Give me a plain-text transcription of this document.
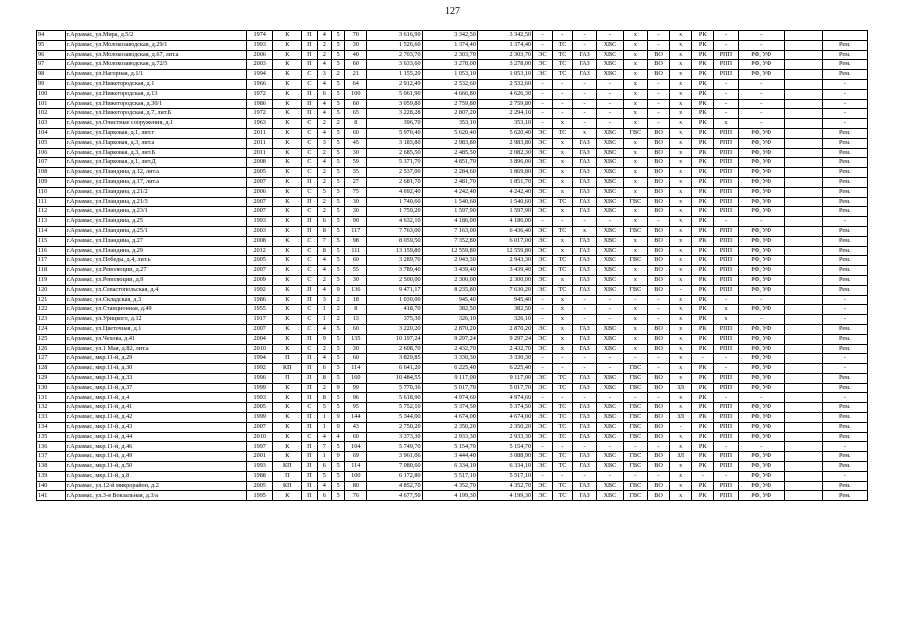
127
94	г.Арзамас, ул.Мира, д.5/2	1974	К	П	4	5	70	3 616,90	3 342,50	3 342,50	-	-	-	-	х	-	х	РК	-	-		
95	г.Арзамас, ул.Молокозаводская, д.29/1	1993	К	П	2	5	30	1 526,60	1 374,40	1 374,40	-	ТС	-	ХВС	х	-	х	РК	-	-		Рем.
96	г.Арзамас, ул.Молокозаводская, д.67, лит.а	2006	К	П	2	5	40	2 703,70	2 303,70	2 303,70	ЭС	ТС	ГАЗ	ХВС	х	ВО	х	РК	РПП	РФ, УФ		Рем.
97	г.Арзамас, ул.Молокозаводская, д.72/5	2003	К	П	4	5	60	3 633,60	3 278,00	3 278,00	ЭС	ТС	ГАЗ	ХВС	х	ВО	х	РК	РПП	РФ, УФ		Рем.
98	г.Арзамас, ул.Нагорная, д.1/1	1994	К	С	3	2	21	1 155,20	1 053,10	1 053,10	ЭС	ТС	ГАЗ	ХВС	х	ВО	х	РК	РПП	РФ, УФ		Рем.
99	г.Арзамас, ул.Нижегородская, д.1	1966	К	С	4	5	64	2 912,49	2 532,60	2 532,60	-	-	-	-	х	-	х	РК	-	-		-
100	г.Арзамас, ул.Нижегородская, д.13	1972	К	П	6	5	100	5 061,90	4 666,80	4 626,30	-	-	-	-	х	-	х	РК	-	-		-
101	г.Арзамас, ул.Нижегородская, д.30/1	1986	К	П	4	5	60	3 059,80	2 759,80	2 759,80	-	-	-	-	х	-	х	РК	-	-		-
102	г.Арзамас, ул.Нижегородская, д.7, лит.Б	1972	К	П	4	5	65	3 228,28	2 807,20	2 294,10	-	-	-	-	х	-	х	РК	-	-		-
103	г.Арзамас, ул.Очистные сооружения, д.1	1963	К	С	2	2	8	396,70	353,10	353,10	-	х	-	-	х	-	х	РК	х	-		-
104	г.Арзамас, ул.Парковая, д.1, лит.г	2011	К	С	4	5	60	5 970,40	5 620,40	5 620,40	ЭС	ТС	х	ХВС	ГВС	ВО	х	РК	РПП	РФ, УФ		Рем.
105	г.Арзамас, ул.Парковая, д.3, лит.а	2011	К	С	3	5	45	3 183,80	2 983,80	2 983,80	ЭС	х	ГАЗ	ХВС	х	ВО	х	РК	РПП	РФ, УФ		Рем.
106	г.Арзамас, ул.Парковая, д.3, лит.Б	2011	К	С	2	5	30	2 685,50	2 485,50	2 082,30	ЭС	х	ГАЗ	ХВС	х	ВО	х	РК	РПП	РФ, УФ		Рем.
107	г.Арзамас, ул.Парковая, д.1, лит.Д	2008	К	С	4	5	59	5 371,70	4 851,70	3 896,00	ЭС	х	ГАЗ	ХВС	х	ВО	х	РК	РПП	РФ, УФ		Рем.
108	г.Арзамас, ул.Пландина, д.12, лит.а	2005	К	С	2	5	35	2 537,00	2 284,60	1 869,80	ЭС	х	ГАЗ	ХВС	х	ВО	х	РК	РПП	РФ, УФ		Рем.
109	г.Арзамас, ул.Пландина, д.17, лит.а	2007	К	П	2	5	27	2 681,70	2 481,70	1 851,70	ЭС	х	ГАЗ	ХВС	х	ВО	х	РК	РПП	РФ, УФ		Рем.
110	г.Арзамас, ул.Пландина, д.21/2	2006	К	С	5	5	75	4 692,40	4 242,40	4 242,40	ЭС	х	ГАЗ	ХВС	х	ВО	х	РК	РПП	РФ, УФ		Рем.
111	г.Арзамас, ул.Пландина, д.21/3	2007	К	П	2	5	30	1 740,60	1 540,60	1 540,60	ЭС	ТС	ГАЗ	ХВС	ГВС	ВО	х	РК	РПП	РФ, УФ		Рем.
112	г.Арзамас, ул.Пландина, д.23/1	2007	К	С	2	5	30	1 759,20	1 597,90	1 597,90	ЭС	х	ГАЗ	ХВС	х	ВО	х	РК	РПП	РФ, УФ		Рем.
113	г.Арзамас, ул.Пландина, д.25	1993	К	П	6	5	90	4 632,10	4 186,00	4 186,00	-	-	-	-	х	-	х	РК	-	-		-
114	г.Арзамас, ул.Пландина, д.25/1	2003	К	П	8	5	117	7 763,00	7 163,00	6 436,40	ЭС	ТС	х	ХВС	ГВС	ВО	х	РК	РПП	РФ, УФ		Рем.
115	г.Арзамас, ул.Пландина, д.27	2008	К	С	7	5	98	8 059,50	7 352,80	6 017,00	ЭС	х	ГАЗ	ХВС	х	ВО	х	РК	РПП	РФ, УФ		Рем.
116	г.Арзамас, ул.Пландина, д.29	2012	К	С	8	5	111	13 159,80	12 559,80	12 559,80	ЭС	х	ГАЗ	ХВС	х	ВО	х	РК	РПП	РФ, УФ		Рем.
117	г.Арзамас, ул.Победы, д.4, лит.ь	2005	К	С	4	5	60	3 289,70	2 943,30	2 943,30	ЭС	ТС	ГАЗ	ХВС	ГВС	ВО	х	РК	РПП	РФ, УФ		Рем.
118	г.Арзамас, ул.Революции, д.27	2007	К	С	4	5	55	3 789,40	3 439,40	3 439,40	ЭС	ТС	ГАЗ	ХВС	х	ВО	х	РК	РПП	РФ, УФ		Рем.
119	г.Арзамас, ул.Революции, д.9	2009	К	С	2	5	30	2 500,00	2 300,00	2 300,00	ЭС	х	ГАЗ	ХВС	х	ВО	х	РК	РПП	РФ, УФ		Рем.
120	г.Арзамас, ул.Севастопольская, д.4	1992	К	П	4	9	136	9 471,17	8 235,80	7 630,20	ЭС	ТС	ГАЗ	ХВС	ГВС	ВО	-	РК	РПП	РФ, УФ		Рем.
121	г.Арзамас, ул.Складская, д.3	1986	К	П	3	2	18	1 030,00	945,40	945,40	-	х	-	-	-	-	х	РК	-	-		-
122	г.Арзамас, ул.Станционная, д.49	1955	К	С	1	2	8	418,70	382,50	382,50	-	х	-	-	х	-	х	РК	х	РФ, УФ		-
123	г.Арзамас, ул.Урицкого, д.12	1917	К	С	1	2	13	375,30	326,10	326,10	-	х	-	-	х	-	х	РК	х	-		-
124	г.Арзамас, ул.Цветочная, д.1	2007	К	С	4	5	60	3 220,20	2 870,20	2 870,20	ЭС	х	ГАЗ	ХВС	х	ВО	х	РК	РПП	РФ, УФ		Рем.
125	г.Арзамас, ул.Чехова, д.41	2004	К	П	9	5	135	10 197,24	9 297,24	9 297,24	ЭС	х	ГАЗ	ХВС	х	ВО	х	РК	РПП	РФ, УФ		Рем.
126	г.Арзамас, ул.1 Мая, д.82, лит.а	2010	К	С	2	5	30	2 608,70	2 432,70	2 432,70	ЭС	х	ГАЗ	ХВС	х	ВО	х	РК	РПП	РФ, УФ		Рем.
127	г.Арзамас, мкр.11-й, д.29	1994	П	П	4	5	60	3 829,85	3 330,30	3 330,30	-	-	-	-	-	-	х	-	-	РФ, УФ		-
128	г.Арзамас, мкр.11-й, д.30	1992	КП	П	6	5	114	6 641,20	6 225,40	6 225,40	-	-	-	-	ГВС	-	х	РК	-	РФ, УФ		-
129	г.Арзамас, мкр.11-й, д.33	1996	П	П	8	5	160	10 484,55	9 117,00	9 117,00	ЭС	ТС	ГАЗ	ХВС	ГВС	ВО	х	РК	РПП	РФ, УФ		Рем.
130	г.Арзамас, мкр.11-й, д.37	1999	К	П	2	9	99	5 770,36	5 017,70	5 017,70	ЭС	ТС	ГАЗ	ХВС	ГВС	ВО	ЗЛ	РК	РПП	РФ, УФ		Рем.
131	г.Арзамас, мкр.11-й, д.4	1993	К	П	8	5	96	5 618,90	4 974,60	4 974,60	-	-	-	-	-	-	х	РК	-	-		-
132	г.Арзамас, мкр.11-й, д.41	2005	К	С	5	5	95	5 752,10	5 374,50	5 374,50	ЭС	ТС	ГАЗ	ХВС	ГВС	ВО	х	РК	РПП	РФ, УФ		Рем.
133	г.Арзамас, мкр.11-й, д.42	1999	К	П	1	9	144	5 344,00	4 674,00	4 674,00	ЭС	ТС	ГАЗ	ХВС	ГВС	ВО	ЗЛ	РК	РПП	РФ, УФ		Рем.
134	г.Арзамас, мкр.11-й, д.43	2007	К	П	1	9	43	2 750,20	2 350,20	2 350,20	ЭС	ТС	ГАЗ	ХВС	ГВС	ВО	-	РК	РПП	РФ, УФ		Рем.
135	г.Арзамас, мкр.11-й, д.44	2010	К	С	4	4	60	3 373,30	2 933,30	2 933,30	ЭС	ТС	ГАЗ	ХВС	ГВС	ВО	х	РК	РПП	РФ, УФ		Рем.
136	г.Арзамас, мкр.11-й, д.46	1997	К	П	7	5	104	5 749,70	5 154,70	5 154,70	-	-	-	-	-	-	х	РК	-	-		-
137	г.Арзамас, мкр.11-й, д.49	2001	К	П	1	9	69	3 961,06	3 444,40	3 088,90	ЭС	ТС	ГАЗ	ХВС	ГВС	ВО	ЗЛ	РК	РПП	РФ, УФ		Рем.
138	г.Арзамас, мкр.11-й, д.50	1993	КП	П	6	5	114	7 080,60	6 334,10	6 334,10	ЭС	ТС	ГАЗ	ХВС	ГВС	ВО	х	РК	РПП	РФ, УФ		Рем.
139	г.Арзамас, мкр.11-й, д.8	1988	П	П	5	5	100	6 172,80	5 517,10	5 517,10	-	-	-	-	-	-	х	-	-	РФ, УФ		-
140	г.Арзамас, ул.12-й микрорайон, д.2	2005	КП	П	4	5	80	4 852,70	4 352,70	4 352,70	ЭС	ТС	ГАЗ	ХВС	ГВС	ВО	х	РК	РПП	РФ, УФ		Рем.
141	г.Арзамас, ул.3-я Вокзальная, д.3/а	1995	К	П	6	5	76	4 677,50	4 199,30	4 199,30	ЭС	ТС	ГАЗ	ХВС	ГВС	ВО	х	РК	РПП	РФ, УФ		Рем.
